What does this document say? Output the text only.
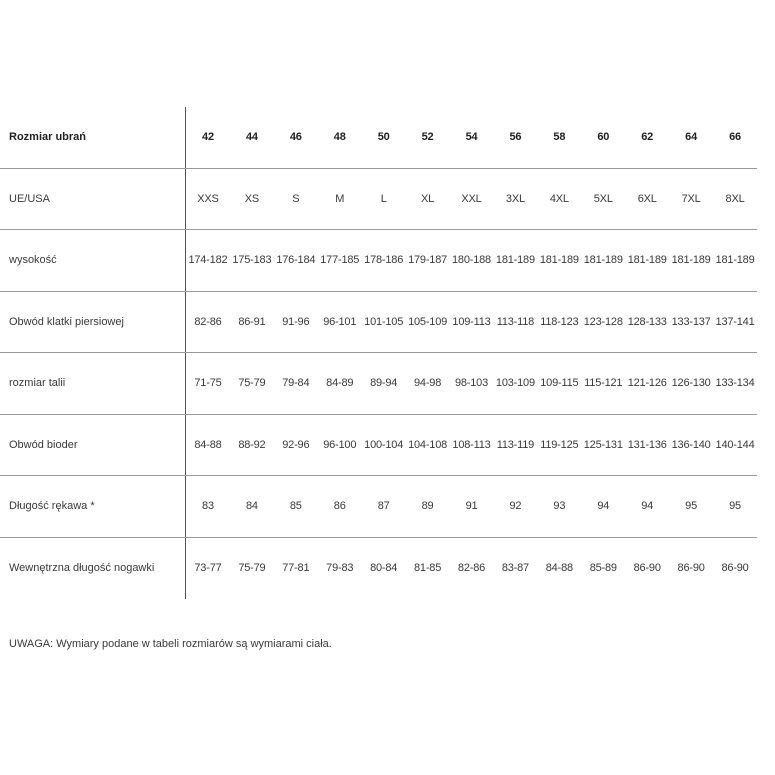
Rozmiar ubrań	42	44	46	48	50	52	54	56	58	60	62	64	66
UE/USA	XXS	XS	S	M	L	XL	XXL	3XL	4XL	5XL	6XL	7XL	8XL
wysokość	174-182 175-183 176-184 177-185 178-186 179-187 180-188 181-189 181-189 181-189 181-189 181-189 181-189
Obwód klatki piersiowej	82-86	86-91	91-96	96-101 101-105 105-109 109-113 113-118 118-123 123-128 128-133 133-137 137-141
rozmiar talii	71-75	75-79	79-84	84-89	89-94	94-98	98-103 103-109 109-115 115-121 121-126 126-130 133-134
Obwód bioder	84-88	88-92	92-96	96-100 100-104 104-108 108-113 113-119 119-125 125-131 131-136 136-140 140-144
Długość rękawa *	83	84	85	86	87	89	91	92	93	94	94	95	95
Wewnętrzna długość nogawki	73-77	75-79	77-81	79-83	80-84	81-85	82-86	83-87	84-88	85-89	86-90	86-90	86-90
UWAGA: Wymiary podane w tabeli rozmiarów są wymiarami ciała.
